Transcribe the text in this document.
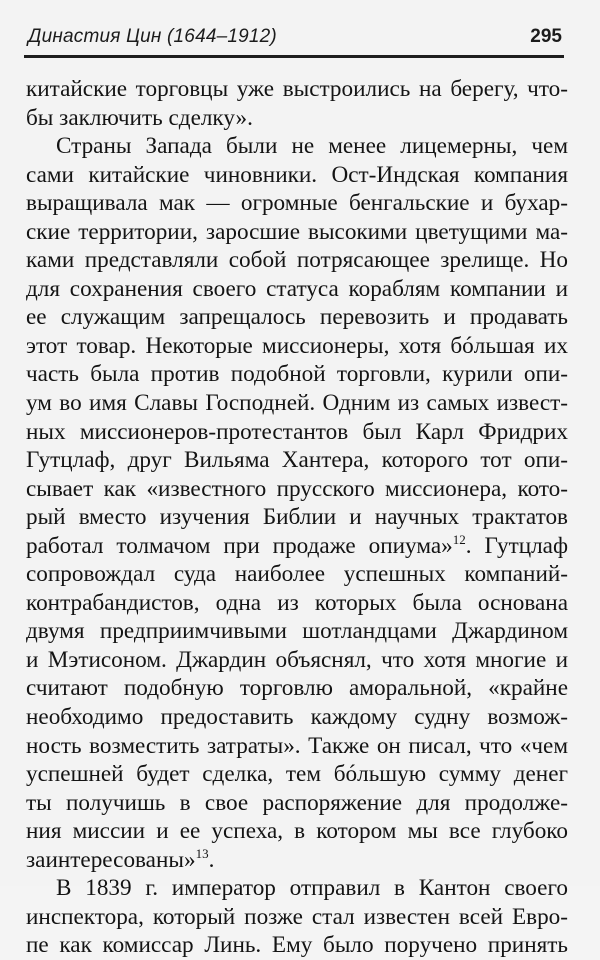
Династия Цин (1644–1912)	295
китайские торговцы уже выстроились на берегу, что-
бы заключить сделку».
Страны Запада были не менее лицемерны, чем
сами китайские чиновники. Ост-Индская компания
выращивала мак — огромные бенгальские и бухар-
ские территории, заросшие высокими цветущими ма-
ками представляли собой потрясающее зрелище. Но
для сохранения своего статуса кораблям компании и
ее служащим запрещалось перевозить и продавать
этот товар. Некоторые миссионеры, хотя бóльшая их
часть была против подобной торговли, курили опи-
ум во имя Славы Господней. Одним из самых извест-
ных миссионеров-протестантов был Карл Фридрих
Гутцлаф, друг Вильяма Хантера, которого тот опи-
сывает как «известного прусского миссионера, кото-
рый вместо изучения Библии и научных трактатов
работал толмачом при продаже опиума»$^{12}$. Гутцлаф
сопровождал суда наиболее успешных компаний-
контрабандистов, одна из которых была основана
двумя предприимчивыми шотландцами Джардином
и Мэтисоном. Джардин объяснял, что хотя многие и
считают подобную торговлю аморальной, «крайне
необходимо предоставить каждому судну возмож-
ность возместить затраты». Также он писал, что «чем
успешней будет сделка, тем бóльшую сумму денег
ты получишь в свое распоряжение для продолже-
ния миссии и ее успеха, в котором мы все глубоко
заинтересованы»$^{13}$.
В 1839 г. император отправил в Кантон своего
инспектора, который позже стал известен всей Евро-
пе как комиссар Линь. Ему было поручено принять
